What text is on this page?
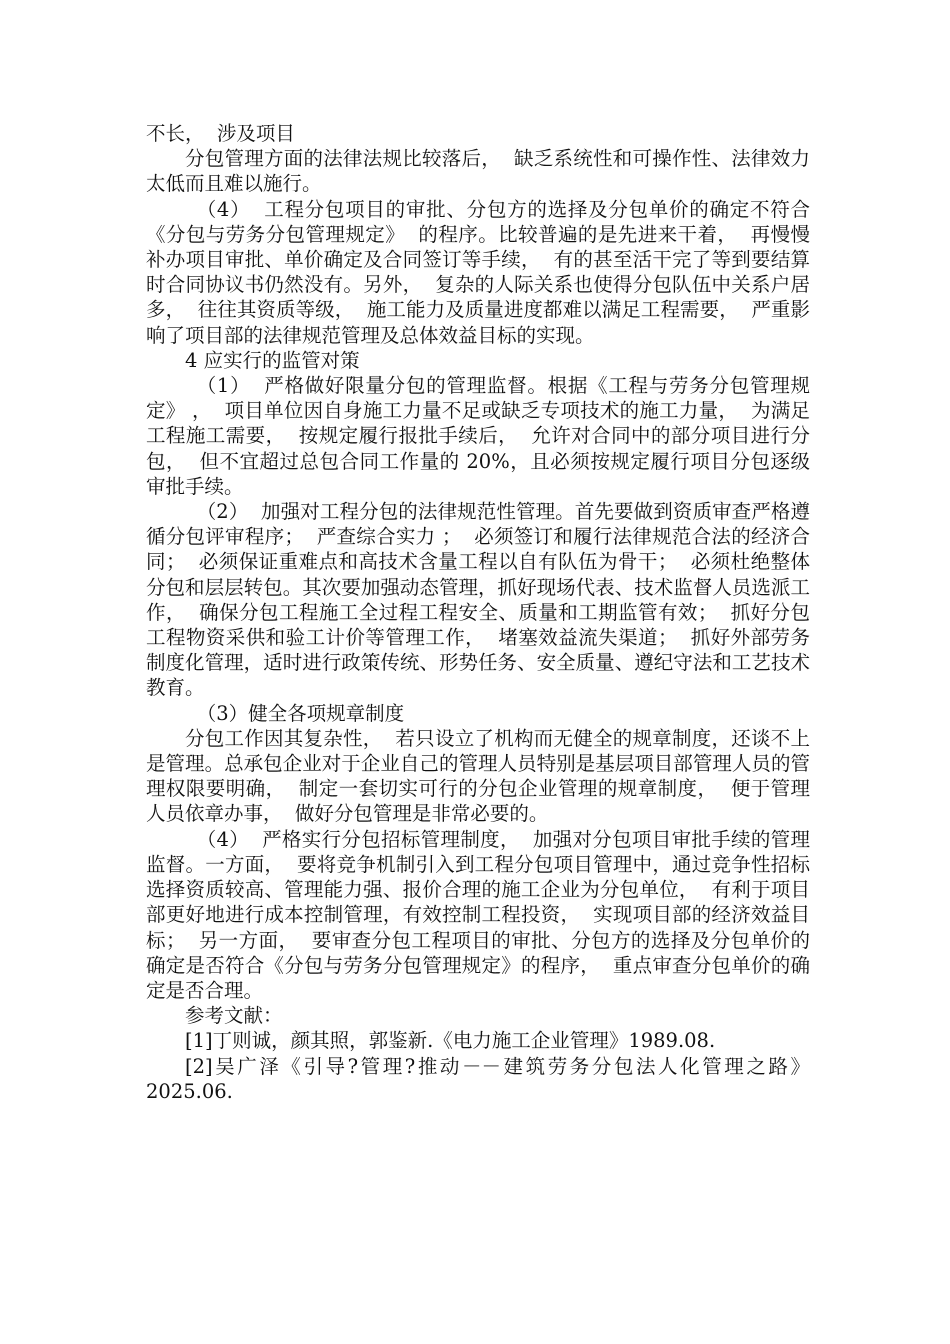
不长，  涉及项目

分包管理方面的法律法规比较落后，  缺乏系统性和可操作性、法律效力太低而且难以施行。

（4）  工程分包项目的审批、分包方的选择及分包单价的确定不符合《分包与劳务分包管理规定》  的程序。比较普遍的是先进来干着，  再慢慢补办项目审批、单价确定及合同签订等手续，  有的甚至活干完了等到要结算时合同协议书仍然没有。另外，  复杂的人际关系也使得分包队伍中关系户居多，  往往其资质等级，  施工能力及质量进度都难以满足工程需要，  严重影响了项目部的法律规范管理及总体效益目标的实现。

4 应实行的监管对策

（1）  严格做好限量分包的管理监督。根据《工程与劳务分包管理规定》 ，  项目单位因自身施工力量不足或缺乏专项技术的施工力量，  为满足工程施工需要，  按规定履行报批手续后，  允许对合同中的部分项目进行分包，  但不宜超过总包合同工作量的 20%，且必须按规定履行项目分包逐级审批手续。

（2）  加强对工程分包的法律规范性管理。首先要做到资质审查严格遵循分包评审程序；  严查综合实力 ；  必须签订和履行法律规范合法的经济合同；  必须保证重难点和高技术含量工程以自有队伍为骨干；  必须杜绝整体分包和层层转包。其次要加强动态管理，抓好现场代表、技术监督人员选派工作，  确保分包工程施工全过程工程安全、质量和工期监管有效；  抓好分包工程物资采供和验工计价等管理工作，  堵塞效益流失渠道；  抓好外部劳务制度化管理，适时进行政策传统、形势任务、安全质量、遵纪守法和工艺技术教育。

（3）健全各项规章制度

分包工作因其复杂性，  若只设立了机构而无健全的规章制度，还谈不上是管理。总承包企业对于企业自己的管理人员特别是基层项目部管理人员的管理权限要明确，  制定一套切实可行的分包企业管理的规章制度，  便于管理人员依章办事，  做好分包管理是非常必要的。

（4）  严格实行分包招标管理制度，  加强对分包项目审批手续的管理监督。一方面，  要将竞争机制引入到工程分包项目管理中，通过竞争性招标选择资质较高、管理能力强、报价合理的施工企业为分包单位，  有利于项目部更好地进行成本控制管理，有效控制工程投资，  实现项目部的经济效益目标；  另一方面，  要审查分包工程项目的审批、分包方的选择及分包单价的确定是否符合《分包与劳务分包管理规定》的程序，  重点审查分包单价的确定是否合理。

参考文献：

[1]丁则诚，颜其照，郭鉴新.《电力施工企业管理》1989.08.

[2]吴广泽《引导?管理?推动－－建筑劳务分包法人化管理之路》2025.06.
